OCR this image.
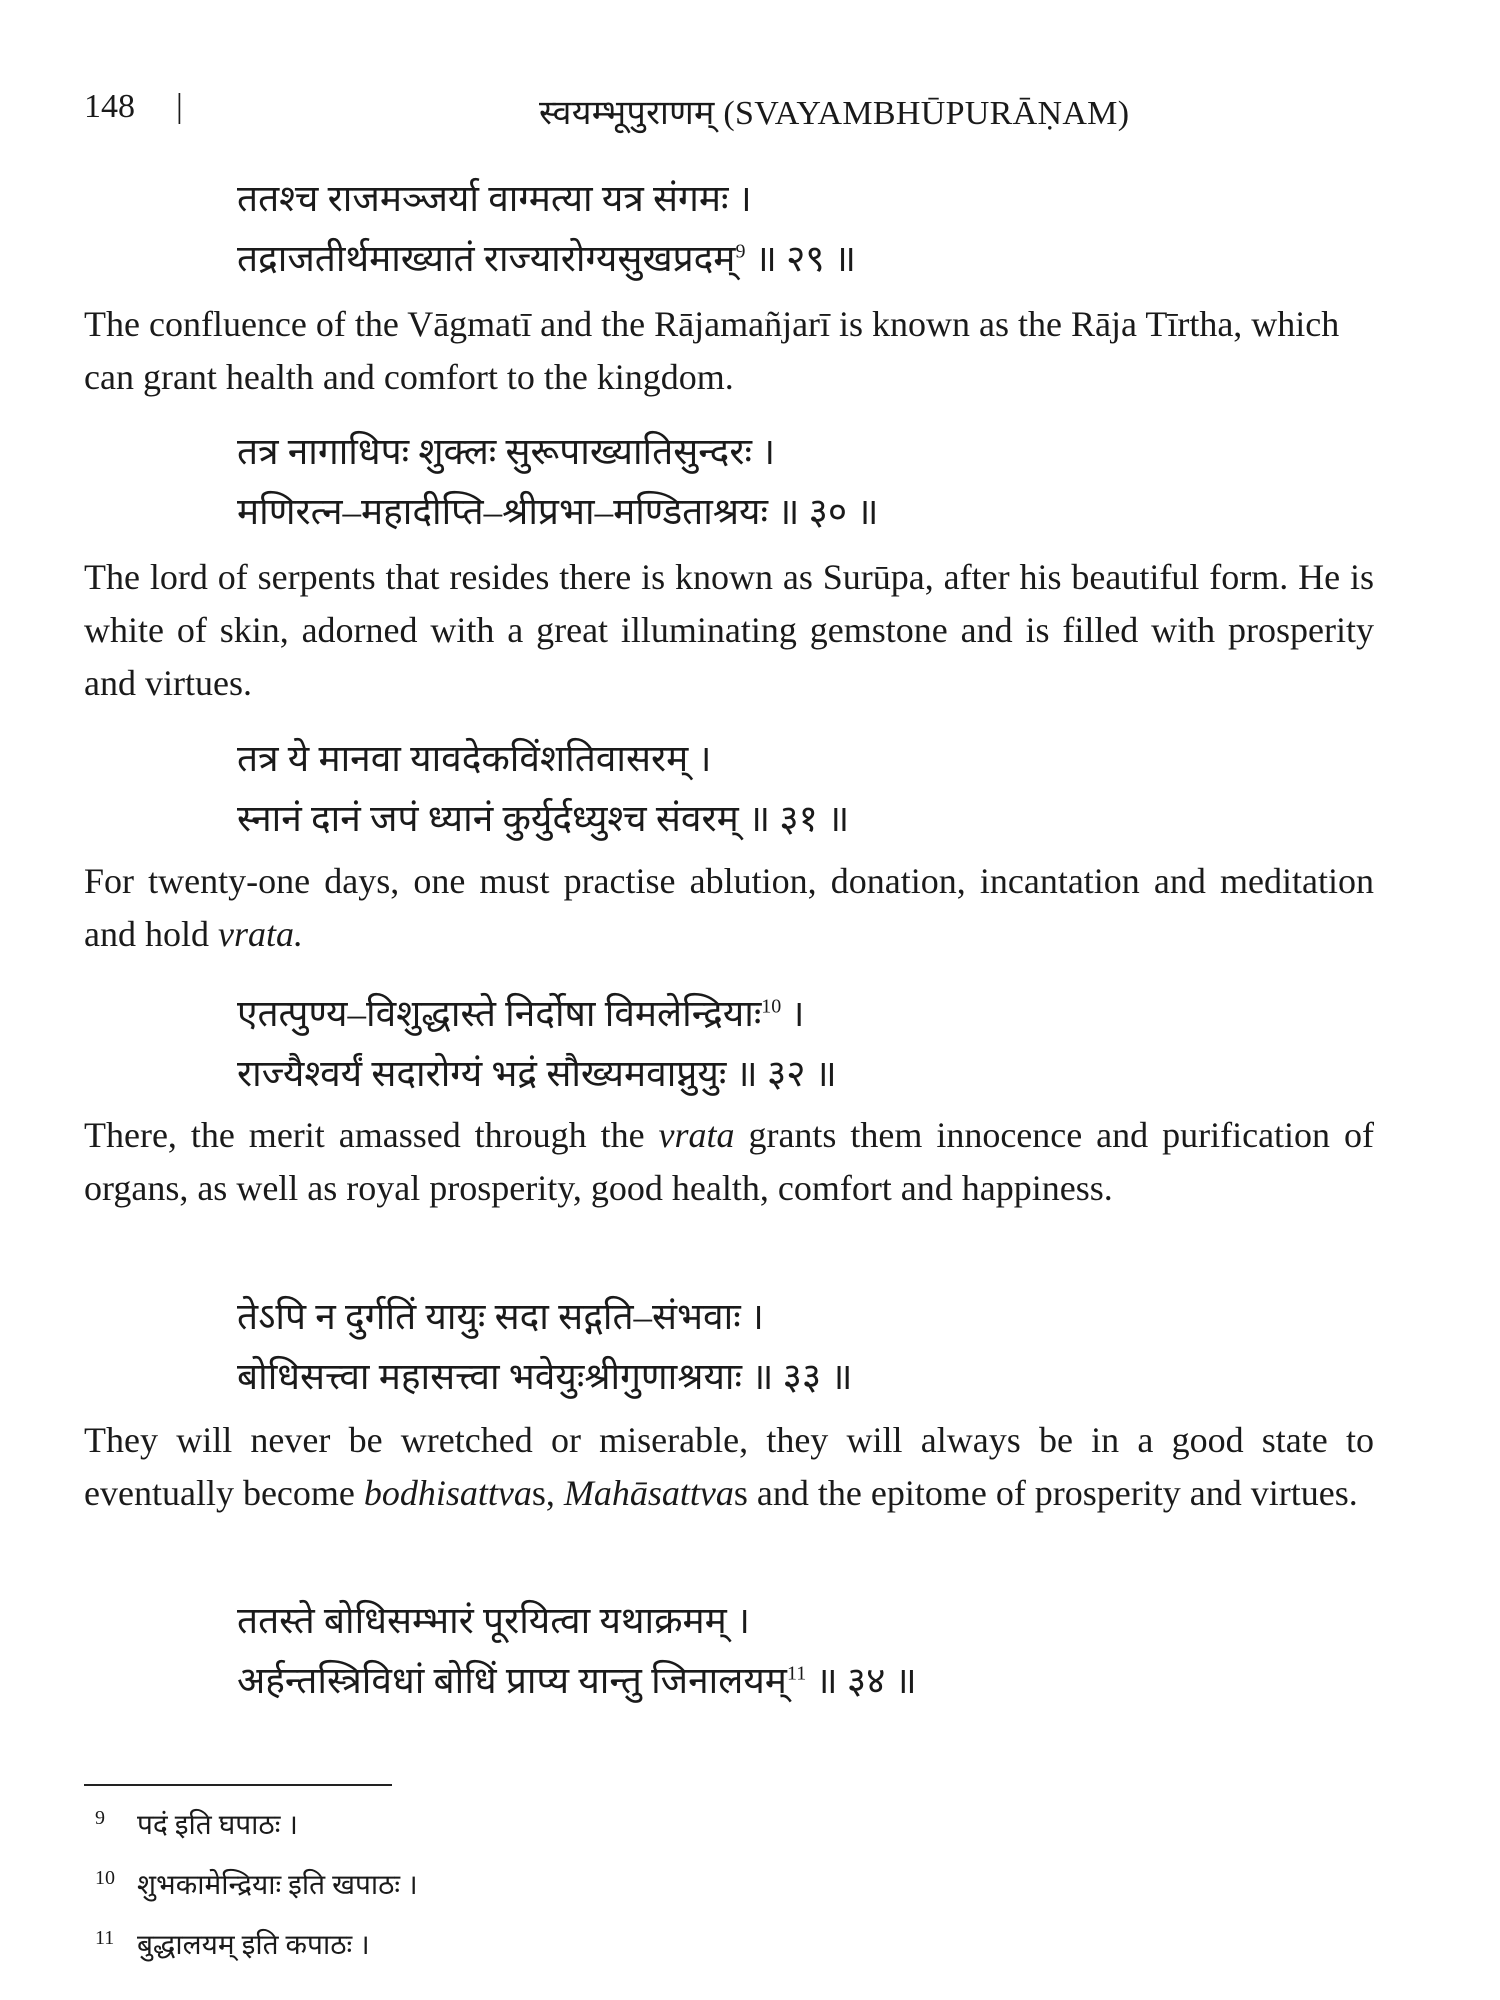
148 |	स्वयम्भूपुराणम् (SVAYAMBHŪPURĀṆAM)
ततश्च राजमञ्जर्या वाग्मत्या यत्र संगमः ।
तद्राजतीर्थमाख्यातं राज्यारोग्यसुखप्रदम्$^9$ ॥ २९ ॥

The confluence of the Vāgmatī and the Rājamañjarī is known as the Rāja Tīrtha, which can grant health and comfort to the kingdom.

तत्र नागाधिपः शुक्लः सुरूपाख्यातिसुन्दरः ।
मणिरत्न–महादीप्ति–श्रीप्रभा–मण्डिताश्रयः ॥ ३० ॥

The lord of serpents that resides there is known as Surūpa, after his beautiful form. He is white of skin, adorned with a great illuminating gemstone and is filled with prosperity and virtues.

तत्र ये मानवा यावदेकविंशतिवासरम् ।
स्नानं दानं जपं ध्यानं कुर्युर्दध्युश्च संवरम् ॥ ३१ ॥

For twenty-one days, one must practise ablution, donation, incantation and meditation and hold vrata.

एतत्पुण्य–विशुद्धास्ते निर्दोषा विमलेन्द्रियाः$^{10}$ ।
राज्यैश्वर्यं सदारोग्यं भद्रं सौख्यमवाप्नुयुः ॥ ३२ ॥

There, the merit amassed through the vrata grants them innocence and purification of organs, as well as royal prosperity, good health, comfort and happiness.

तेऽपि न दुर्गतिं यायुः सदा सद्गति–संभवाः ।
बोधिसत्त्वा महासत्त्वा भवेयुःश्रीगुणाश्रयाः ॥ ३३ ॥

They will never be wretched or miserable, they will always be in a good state to eventually become bodhisattvas, Mahāsattvas and the epitome of prosperity and virtues.

ततस्ते बोधिसम्भारं पूरयित्वा यथाक्रमम् ।
अर्हन्तस्त्रिविधां बोधिं प्राप्य यान्तु जिनालयम्$^{11}$ ॥ ३४ ॥
9	पदं इति घपाठः ।
10 शुभकामेन्द्रियाः इति खपाठः ।
11 बुद्धालयम् इति कपाठः ।
